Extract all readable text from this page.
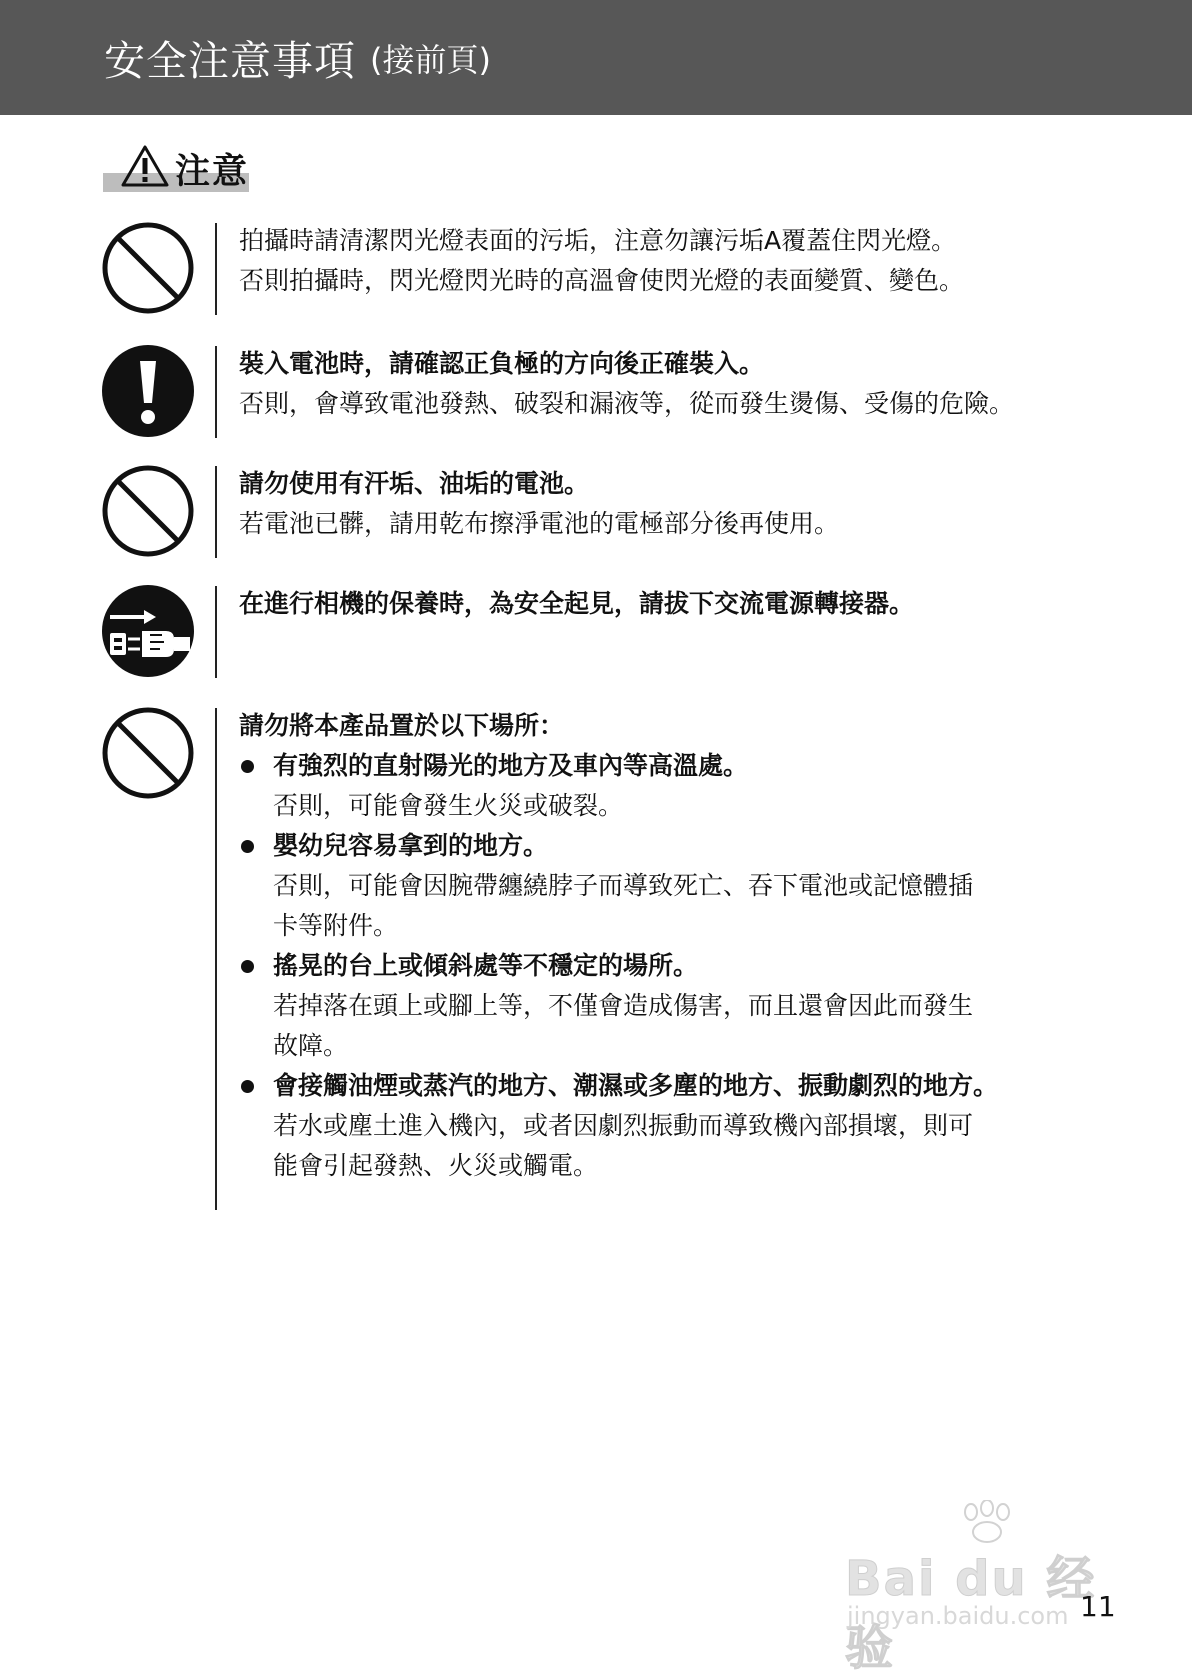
安全注意事項 (接前頁)
注意
拍攝時請清潔閃光燈表面的污垢，注意勿讓污垢A覆蓋住閃光燈。
否則拍攝時，閃光燈閃光時的高溫會使閃光燈的表面變質、變色。
裝入電池時，請確認正負極的方向後正確裝入。
否則，會導致電池發熱、破裂和漏液等，從而發生燙傷、受傷的危險。
請勿使用有汗垢、油垢的電池。
若電池已髒，請用乾布擦淨電池的電極部分後再使用。
在進行相機的保養時，為安全起見，請拔下交流電源轉接器。
請勿將本產品置於以下場所：
有強烈的直射陽光的地方及車內等高溫處。
否則，可能會發生火災或破裂。
嬰幼兒容易拿到的地方。
否則，可能會因腕帶纏繞脖子而導致死亡、吞下電池或記憶體插
卡等附件。
搖晃的台上或傾斜處等不穩定的場所。
若掉落在頭上或腳上等，不僅會造成傷害，而且還會因此而發生
故障。
會接觸油煙或蒸汽的地方、潮濕或多塵的地方、振動劇烈的地方。
若水或塵土進入機內，或者因劇烈振動而導致機內部損壞，則可
能會引起發熱、火災或觸電。
Bai du 经验
jingyan.baidu.com 11
